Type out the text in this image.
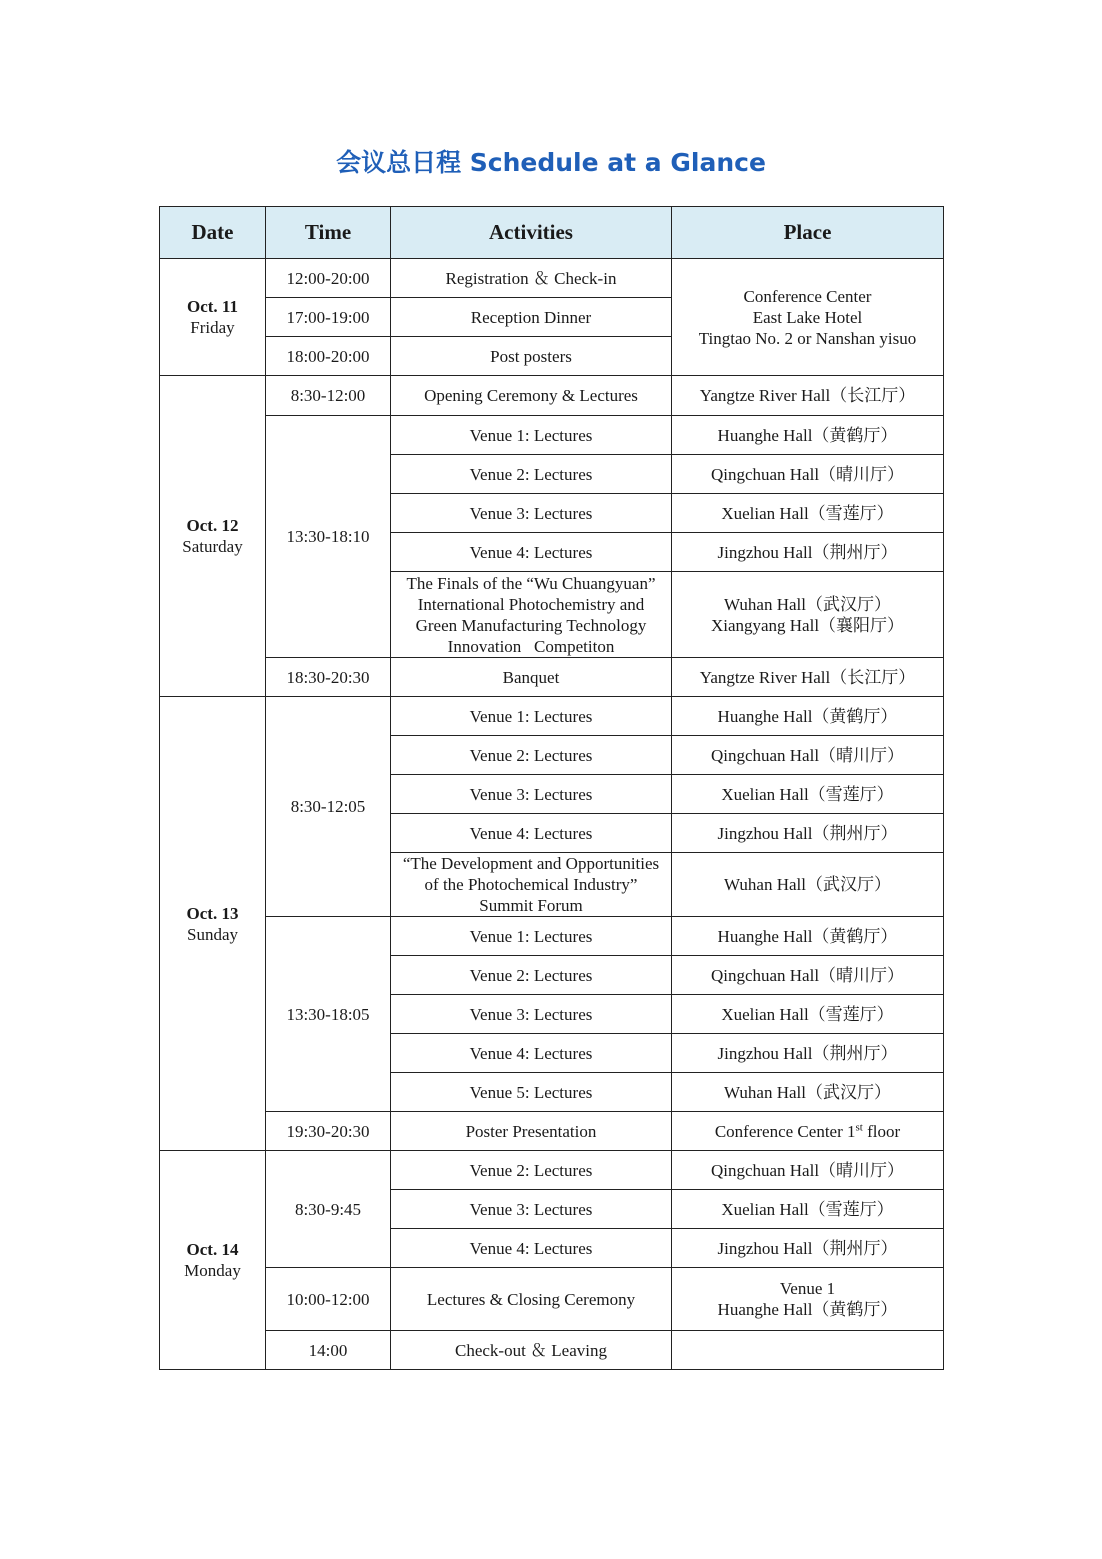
会议总日程 Schedule at a Glance
Date	Time	Activities	Place

Oct. 11
Friday	12:00-20:00	Registration ＆ Check-in	Conference Center
East Lake Hotel
Tingtao No. 2 or Nanshan yisuo

	17:00-19:00	Reception Dinner	
	18:00-20:00	Post posters	

Oct. 12
Saturday	8:30-12:00	Opening Ceremony & Lectures	Yangtze River Hall（长江厅）
	13:30-18:10	Venue 1: Lectures	Huanghe Hall（黄鹤厅）
		Venue 2: Lectures	Qingchuan Hall（晴川厅）
		Venue 3: Lectures	Xuelian Hall（雪莲厅）
		Venue 4: Lectures	Jingzhou Hall（荆州厅）

		The Finals of the “Wu Chuangyuan”
International Photochemistry and
Green Manufacturing Technology
Innovation   Competiton	Wuhan Hall（武汉厅）
Xiangyang Hall（襄阳厅）

	18:30-20:30	Banquet	Yangtze River Hall（长江厅）

Oct. 13
Sunday	8:30-12:05	Venue 1: Lectures	Huanghe Hall（黄鹤厅）
		Venue 2: Lectures	Qingchuan Hall（晴川厅）
		Venue 3: Lectures	Xuelian Hall（雪莲厅）
		Venue 4: Lectures	Jingzhou Hall（荆州厅）

		“The Development and Opportunities
of the Photochemical Industry”
Summit Forum	Wuhan Hall（武汉厅）
	13:30-18:05	Venue 1: Lectures	Huanghe Hall（黄鹤厅）
		Venue 2: Lectures	Qingchuan Hall（晴川厅）
		Venue 3: Lectures	Xuelian Hall（雪莲厅）
		Venue 4: Lectures	Jingzhou Hall（荆州厅）
		Venue 5: Lectures	Wuhan Hall（武汉厅）
	19:30-20:30	Poster Presentation	Conference Center 1st floor

Oct. 14
Monday	8:30-9:45	Venue 2: Lectures	Qingchuan Hall（晴川厅）
		Venue 3: Lectures	Xuelian Hall（雪莲厅）
		Venue 4: Lectures	Jingzhou Hall（荆州厅）
	10:00-12:00	Lectures & Closing Ceremony	Venue 1
Huanghe Hall（黄鹤厅）

	14:00	Check-out ＆ Leaving	
